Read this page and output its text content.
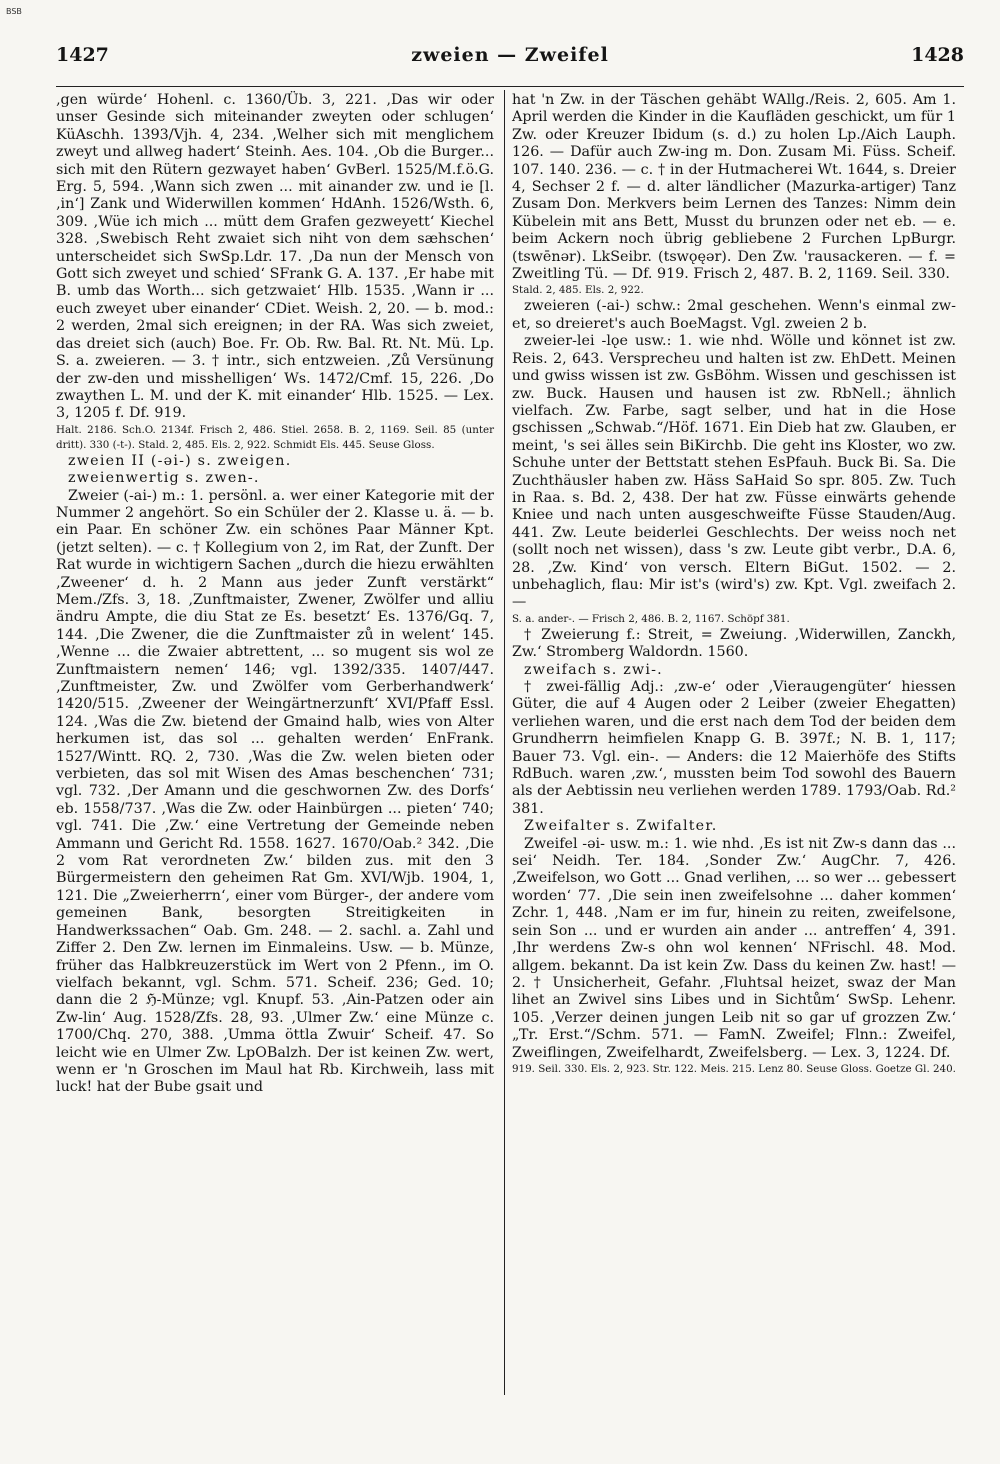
BSB
1427	zweien — Zweifel	1428

‚gen würde‘ Hohenl. c. 1360/Üb. 3, 221. ‚Das wir oder unser Gesinde sich miteinander zweyten oder schlugen‘ KüAschh. 1393/Vjh. 4, 234. ‚Welher sich mit menglichem zweyt und allweg hadert‘ Steinh. Aes. 104. ‚Ob die Burger... sich mit den Rütern gezwayet haben‘ GvBerl. 1525/M.f.ö.G. Erg. 5, 594. ‚Wann sich zwen ... mit ainander zw. und ie [l. ‚in‘] Zank und Widerwillen kommen‘ HdAnh. 1526/Wsth. 6, 309. ‚Wüe ich mich ... mütt dem Grafen gezweyett‘ Kiechel 328. ‚Swebisch Reht zwaiet sich niht von dem sæhschen‘ unterscheidet sich SwSp.Ldr. 17. ‚Da nun der Mensch von Gott sich zweyet und schied‘ SFrank G. A. 137. ‚Er habe mit B. umb das Worth... sich getzwaiet‘ Hlb. 1535. ‚Wann ir ... euch zweyet uber einander‘ CDiet. Weish. 2, 20. — b. mod.: 2 werden, 2mal sich ereignen; in der RA. Was sich zweiet, das dreiet sich (auch) Boe. Fr. Ob. Rw. Bal. Rt. Nt. Mü. Lp. S. a. zweieren. — 3. † intr., sich entzweien. ‚Zů Versünung der zw-den und misshelligen‘ Ws. 1472/Cmf. 15, 226. ‚Do zwaythen L. M. und der K. mit einander‘ Hlb. 1525. — Lex. 3, 1205 f. Df. 919.

Halt. 2186. Sch.O. 2134f. Frisch 2, 486. Stiel. 2658. B. 2, 1169. Seil. 85 (unter dritt). 330 (-t-). Stald. 2, 485. Els. 2, 922. Schmidt Els. 445. Seuse Gloss.

zweien II (-əi-) s. zweigen.

zweienwertig s. zwen-.

Zweier (-ai-) m.: 1. persönl. a. wer einer Kategorie mit der Nummer 2 angehört. So ein Schüler der 2. Klasse u. ä. — b. ein Paar. En schöner Zw. ein schönes Paar Männer Kpt. (jetzt selten). — c. † Kollegium von 2, im Rat, der Zunft. Der Rat wurde in wichtigern Sachen „durch die hiezu erwählten ‚Zweener‘ d. h. 2 Mann aus jeder Zunft verstärkt“ Mem./Zfs. 3, 18. ‚Zunftmaister, Zwener, Zwölfer und alliu ändru Ampte, die diu Stat ze Es. besetzt‘ Es. 1376/Gq. 7, 144. ‚Die Zwener, die die Zunftmaister zů in welent‘ 145. ‚Wenne ... die Zwaier abtrettent, ... so mugent sis wol ze Zunftmaistern nemen‘ 146; vgl. 1392/335. 1407/447. ‚Zunftmeister, Zw. und Zwölfer vom Gerberhandwerk‘ 1420/515. ‚Zweener der Weingärtnerzunft‘ XVI/Pfaff Essl. 124. ‚Was die Zw. bietend der Gmaind halb, wies von Alter herkumen ist, das sol ... gehalten werden‘ EnFrank. 1527/Wintt. RQ. 2, 730. ‚Was die Zw. welen bieten oder verbieten, das sol mit Wisen des Amas beschenchen‘ 731; vgl. 732. ‚Der Amann und die geschwornen Zw. des Dorfs‘ eb. 1558/737. ‚Was die Zw. oder Hainbürgen ... pieten‘ 740; vgl. 741. Die ‚Zw.‘ eine Vertretung der Gemeinde neben Ammann und Gericht Rd. 1558. 1627. 1670/Oab.² 342. ‚Die 2 vom Rat verordneten Zw.‘ bilden zus. mit den 3 Bürgermeistern den geheimen Rat Gm. XVI/Wjb. 1904, 1, 121. Die „Zweierherrn‘, einer vom Bürger-, der andere vom gemeinen Bank, besorgten Streitigkeiten in Handwerkssachen“ Oab. Gm. 248. — 2. sachl. a. Zahl und Ziffer 2. Den Zw. lernen im Einmaleins. Usw. — b. Münze, früher das Halbkreuzerstück im Wert von 2 Pfenn., im O. vielfach bekannt, vgl. Schm. 571. Scheif. 236; Ged. 10; dann die 2 ℌ-Münze; vgl. Knupf. 53. ‚Ain-Patzen oder ain Zw-lin‘ Aug. 1528/Zfs. 28, 93. ‚Ulmer Zw.‘ eine Münze c. 1700/Chq. 270, 388. ‚Umma öttla Zwuir‘ Scheif. 47. So leicht wie en Ulmer Zw. LpOBalzh. Der ist keinen Zw. wert, wenn er 'n Groschen im Maul hat Rb. Kirchweih, lass mit luck! hat der Bube gsait und

hat 'n Zw. in der Täschen gehäbt WAllg./Reis. 2, 605. Am 1. April werden die Kinder in die Kaufläden geschickt, um für 1 Zw. oder Kreuzer Ibidum (s. d.) zu holen Lp./Aich Lauph. 126. — Dafür auch Zw-ing m. Don. Zusam Mi. Füss. Scheif. 107. 140. 236. — c. † in der Hutmacherei Wt. 1644, s. Dreier 4, Sechser 2 f. — d. alter ländlicher (Mazurka-artiger) Tanz Zusam Don. Merkvers beim Lernen des Tanzes: Nimm dein Kübelein mit ans Bett, Musst du brunzen oder net eb. — e. beim Ackern noch übrig gebliebene 2 Furchen LpBurgr. (tswēnər). LkSeibr. (tswǫęər). Den Zw. 'rausackeren. — f. = Zweitling Tü. — Df. 919. Frisch 2, 487. B. 2, 1169. Seil. 330.

Stald. 2, 485. Els. 2, 922.

zweieren (-ai-) schw.: 2mal geschehen. Wenn's einmal zw-et, so dreieret's auch BoeMagst. Vgl. zweien 2 b.

zweier-lei -lǫe usw.: 1. wie nhd. Wölle und könnet ist zw. Reis. 2, 643. Versprecheu und halten ist zw. EhDett. Meinen und gwiss wissen ist zw. GsBöhm. Wissen und geschissen ist zw. Buck. Hausen und hausen ist zw. RbNell.; ähnlich vielfach. Zw. Farbe, sagt selber, und hat in die Hose gschissen „Schwab.“/Höf. 1671. Ein Dieb hat zw. Glauben, er meint, 's sei älles sein BiKirchb. Die geht ins Kloster, wo zw. Schuhe unter der Bettstatt stehen EsPfauh. Buck Bi. Sa. Die Zuchthäusler haben zw. Häss SaHaid So spr. 805. Zw. Tuch in Raa. s. Bd. 2, 438. Der hat zw. Füsse einwärts gehende Kniee und nach unten ausgeschweifte Füsse Stauden/Aug. 441. Zw. Leute beiderlei Geschlechts. Der weiss noch net (sollt noch net wissen), dass 's zw. Leute gibt verbr., D.A. 6, 28. ‚Zw. Kind‘ von versch. Eltern BiGut. 1502. — 2. unbehaglich, flau: Mir ist's (wird's) zw. Kpt. Vgl. zweifach 2. —

S. a. ander-. — Frisch 2, 486. B. 2, 1167. Schöpf 381.

† Zweierung f.: Streit, = Zweiung. ‚Widerwillen, Zanckh, Zw.‘ Stromberg Waldordn. 1560.

zweifach s. zwi-.

† zwei-fällig Adj.: ‚zw-e‘ oder ‚Vieraugengüter‘ hiessen Güter, die auf 4 Augen oder 2 Leiber (zweier Ehegatten) verliehen waren, und die erst nach dem Tod der beiden dem Grundherrn heimfielen Knapp G. B. 397f.; N. B. 1, 117; Bauer 73. Vgl. ein-. — Anders: die 12 Maierhöfe des Stifts RdBuch. waren ‚zw.‘, mussten beim Tod sowohl des Bauern als der Aebtissin neu verliehen werden 1789. 1793/Oab. Rd.² 381.

Zweifalter s. Zwifalter.

Zweifel -əi- usw. m.: 1. wie nhd. ‚Es ist nit Zw-s dann das ... sei‘ Neidh. Ter. 184. ‚Sonder Zw.‘ AugChr. 7, 426. ‚Zweifelson, wo Gott ... Gnad verlihen, ... so wer ... gebessert worden‘ 77. ‚Die sein inen zweifelsohne ... daher kommen‘ Zchr. 1, 448. ‚Nam er im fur, hinein zu reiten, zweifelsone, sein Son ... und er wurden ain ander ... antreffen‘ 4, 391. ‚Ihr werdens Zw-s ohn wol kennen‘ NFrischl. 48. Mod. allgem. bekannt. Da ist kein Zw. Dass du keinen Zw. hast! — 2. † Unsicherheit, Gefahr. ‚Fluhtsal heizet, swaz der Man lihet an Zwivel sins Libes und in Sichtům‘ SwSp. Lehenr. 105. ‚Verzer deinen jungen Leib nit so gar uf grozzen Zw.‘ „Tr. Erst.“/Schm. 571. — FamN. Zweifel; Flnn.: Zweifel, Zweiflingen, Zweifelhardt, Zweifelsberg. — Lex. 3, 1224. Df.

919. Seil. 330. Els. 2, 923. Str. 122. Meis. 215. Lenz 80. Seuse Gloss. Goetze Gl. 240.
